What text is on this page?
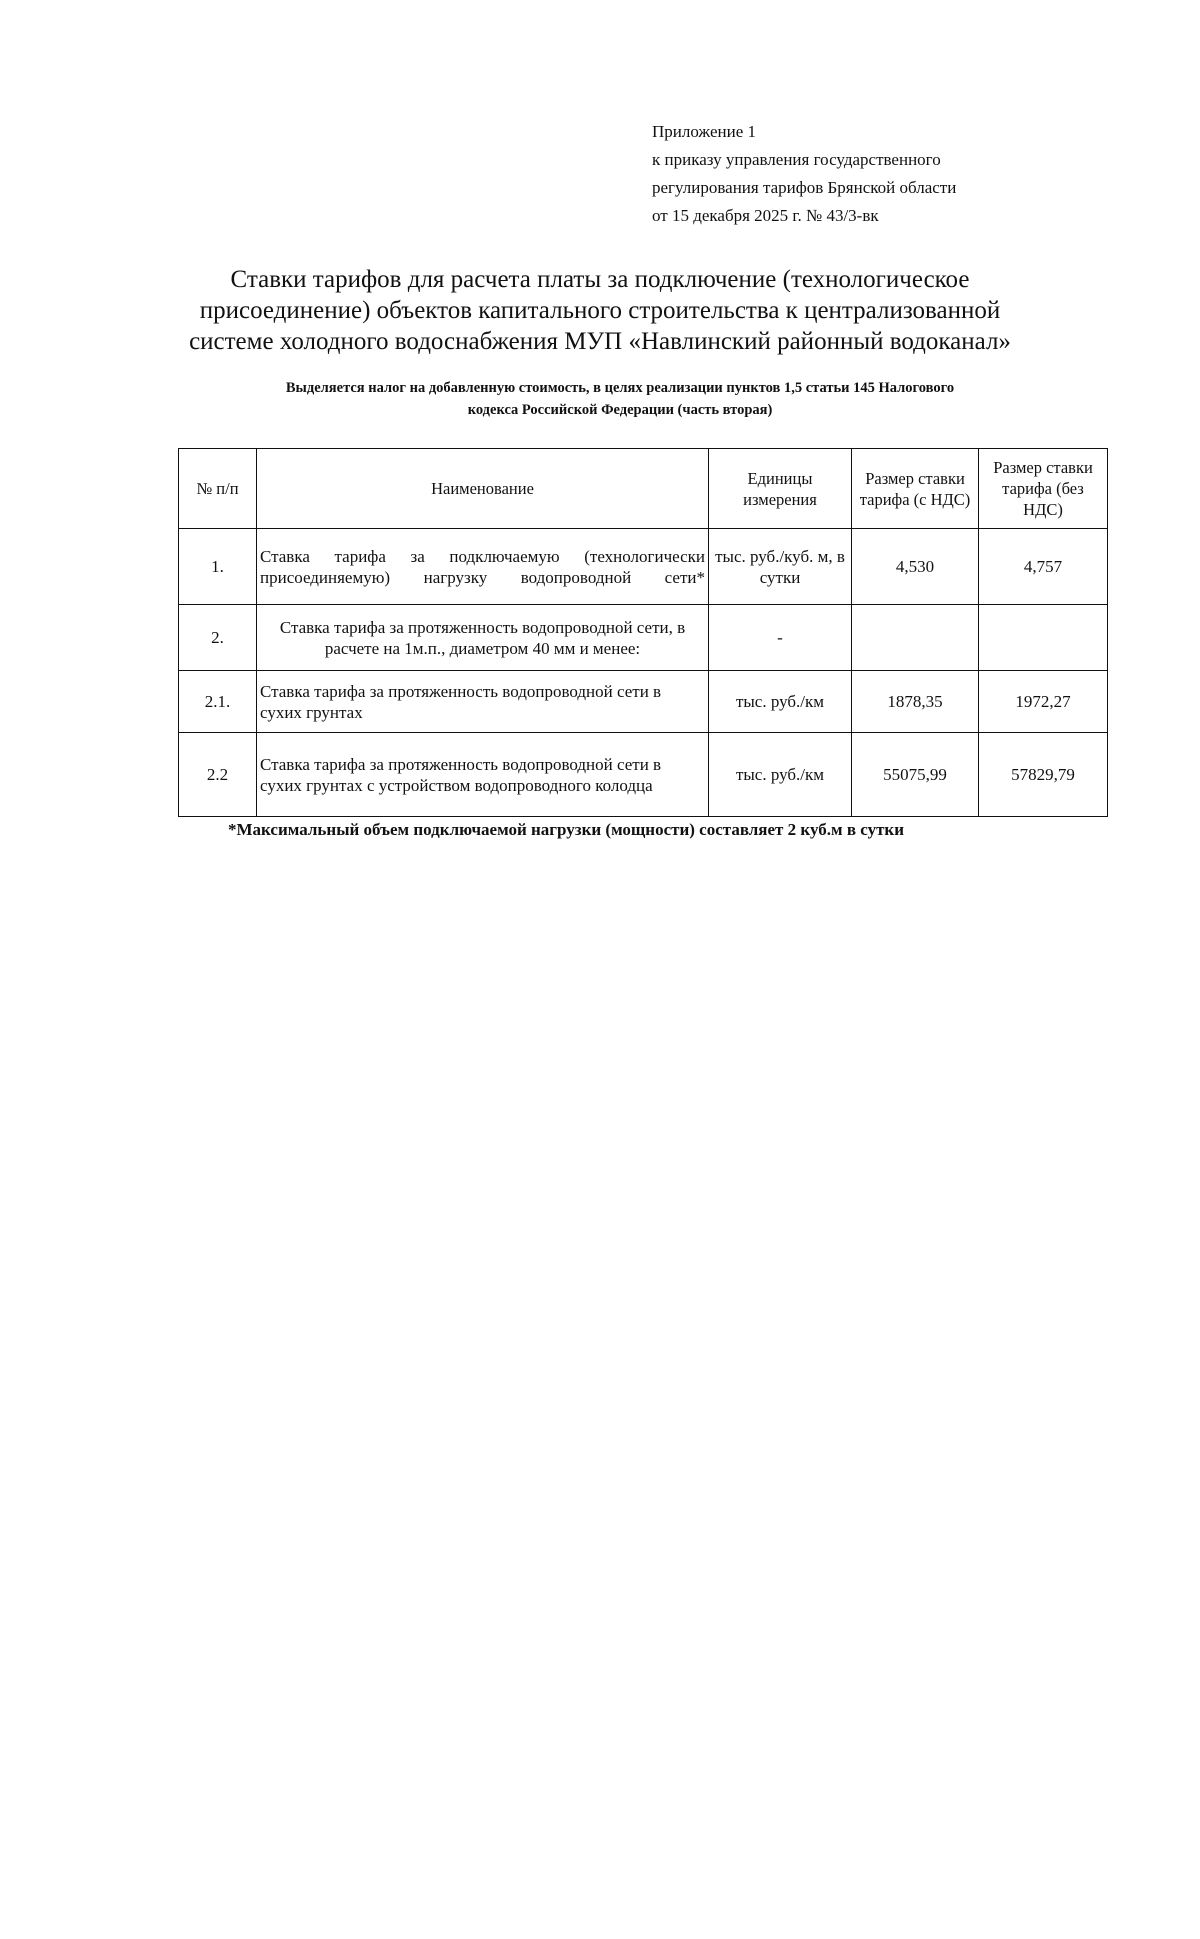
Приложение 1
к приказу управления государственного
регулирования тарифов Брянской области
от 15 декабря 2025 г. № 43/3-вк
Ставки тарифов для расчета платы за подключение (технологическое
присоединение) объектов капитального строительства к централизованной
системе холодного водоснабжения МУП «Навлинский районный водоканал»
Выделяется налог на добавленную стоимость, в целях реализации пунктов 1,5 статьи 145 Налогового
кодекса Российской Федерации (часть вторая)
№ п/п	Наименование	Единицы измерения	Размер ставки тарифа (с НДС)	Размер ставки тарифа (без НДС)
1.	Ставка тарифа за подключаемую (технологически присоединяемую) нагрузку водопроводной сети*	тыс. руб./куб. м, в сутки	4,530	4,757
2.	Ставка тарифа за протяженность водопроводной сети, в расчете на 1м.п., диаметром 40 мм и менее:	-		
2.1.	Ставка тарифа за протяженность водопроводной сети в сухих грунтах	тыс. руб./км	1878,35	1972,27
2.2	Ставка тарифа за протяженность водопроводной сети в сухих грунтах с устройством водопроводного колодца	тыс. руб./км	55075,99	57829,79
*Максимальный объем подключаемой нагрузки (мощности) составляет 2 куб.м в сутки
